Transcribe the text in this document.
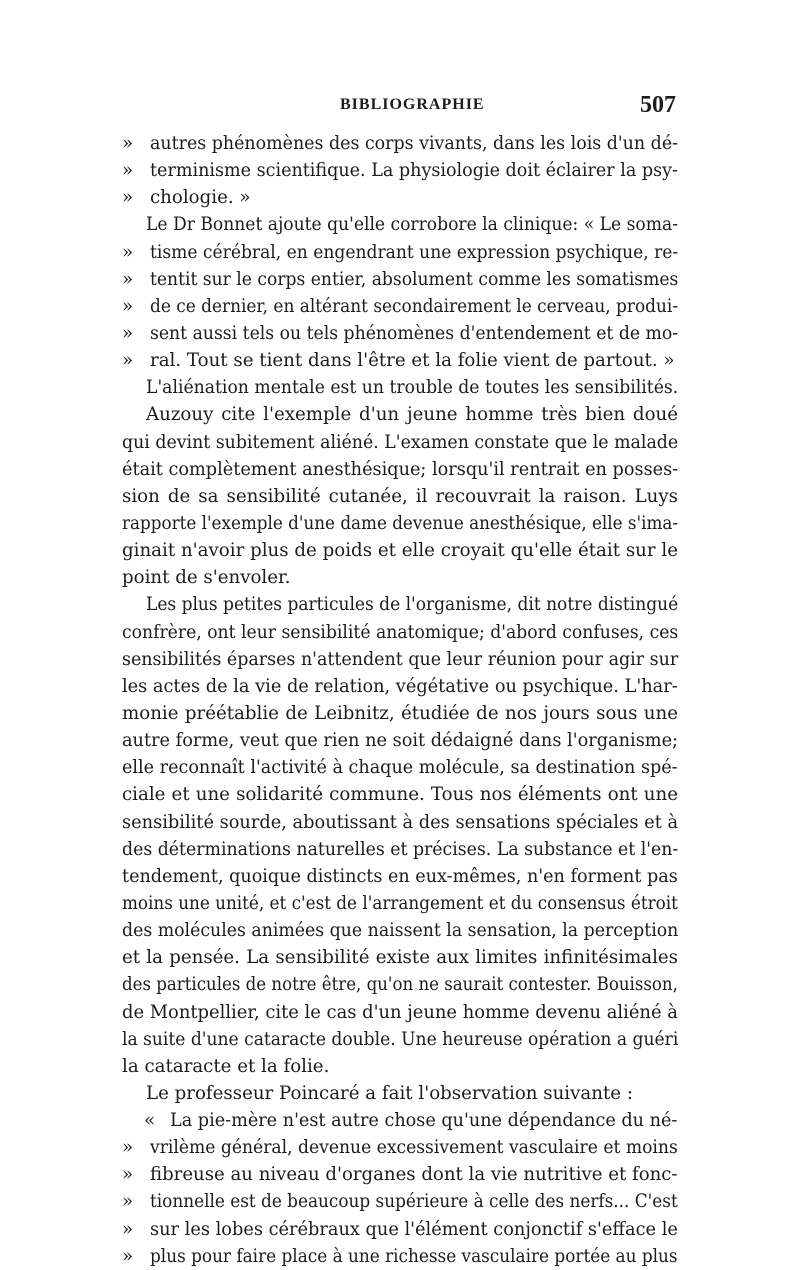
BIBLIOGRAPHIE	507
» autres phénomènes des corps vivants, dans les lois d'un dé-
» terminisme scientifique. La physiologie doit éclairer la psy-
» chologie. »
Le Dr Bonnet ajoute qu'elle corrobore la clinique: « Le soma-
» tisme cérébral, en engendrant une expression psychique, re-
» tentit sur le corps entier, absolument comme les somatismes
» de ce dernier, en altérant secondairement le cerveau, produi-
» sent aussi tels ou tels phénomènes d'entendement et de mo-
» ral. Tout se tient dans l'être et la folie vient de partout. »
L'aliénation mentale est un trouble de toutes les sensibilités.
Auzouy cite l'exemple d'un jeune homme très bien doué
qui devint subitement aliéné. L'examen constate que le malade
était complètement anesthésique; lorsqu'il rentrait en posses-
sion de sa sensibilité cutanée, il recouvrait la raison. Luys
rapporte l'exemple d'une dame devenue anesthésique, elle s'ima-
ginait n'avoir plus de poids et elle croyait qu'elle était sur le
point de s'envoler.
Les plus petites particules de l'organisme, dit notre distingué
confrère, ont leur sensibilité anatomique; d'abord confuses, ces
sensibilités éparses n'attendent que leur réunion pour agir sur
les actes de la vie de relation, végétative ou psychique. L'har-
monie préétablie de Leibnitz, étudiée de nos jours sous une
autre forme, veut que rien ne soit dédaigné dans l'organisme;
elle reconnaît l'activité à chaque molécule, sa destination spé-
ciale et une solidarité commune. Tous nos éléments ont une
sensibilité sourde, aboutissant à des sensations spéciales et à
des déterminations naturelles et précises. La substance et l'en-
tendement, quoique distincts en eux-mêmes, n'en forment pas
moins une unité, et c'est de l'arrangement et du consensus étroit
des molécules animées que naissent la sensation, la perception
et la pensée. La sensibilité existe aux limites infinitésimales
des particules de notre être, qu'on ne saurait contester. Bouisson,
de Montpellier, cite le cas d'un jeune homme devenu aliéné à
la suite d'une cataracte double. Une heureuse opération a guéri
la cataracte et la folie.
Le professeur Poincaré a fait l'observation suivante :
« La pie-mère n'est autre chose qu'une dépendance du né-
» vrilème général, devenue excessivement vasculaire et moins
» fibreuse au niveau d'organes dont la vie nutritive et fonc-
» tionnelle est de beaucoup supérieure à celle des nerfs... C'est
» sur les lobes cérébraux que l'élément conjonctif s'efface le
» plus pour faire place à une richesse vasculaire portée au plus
